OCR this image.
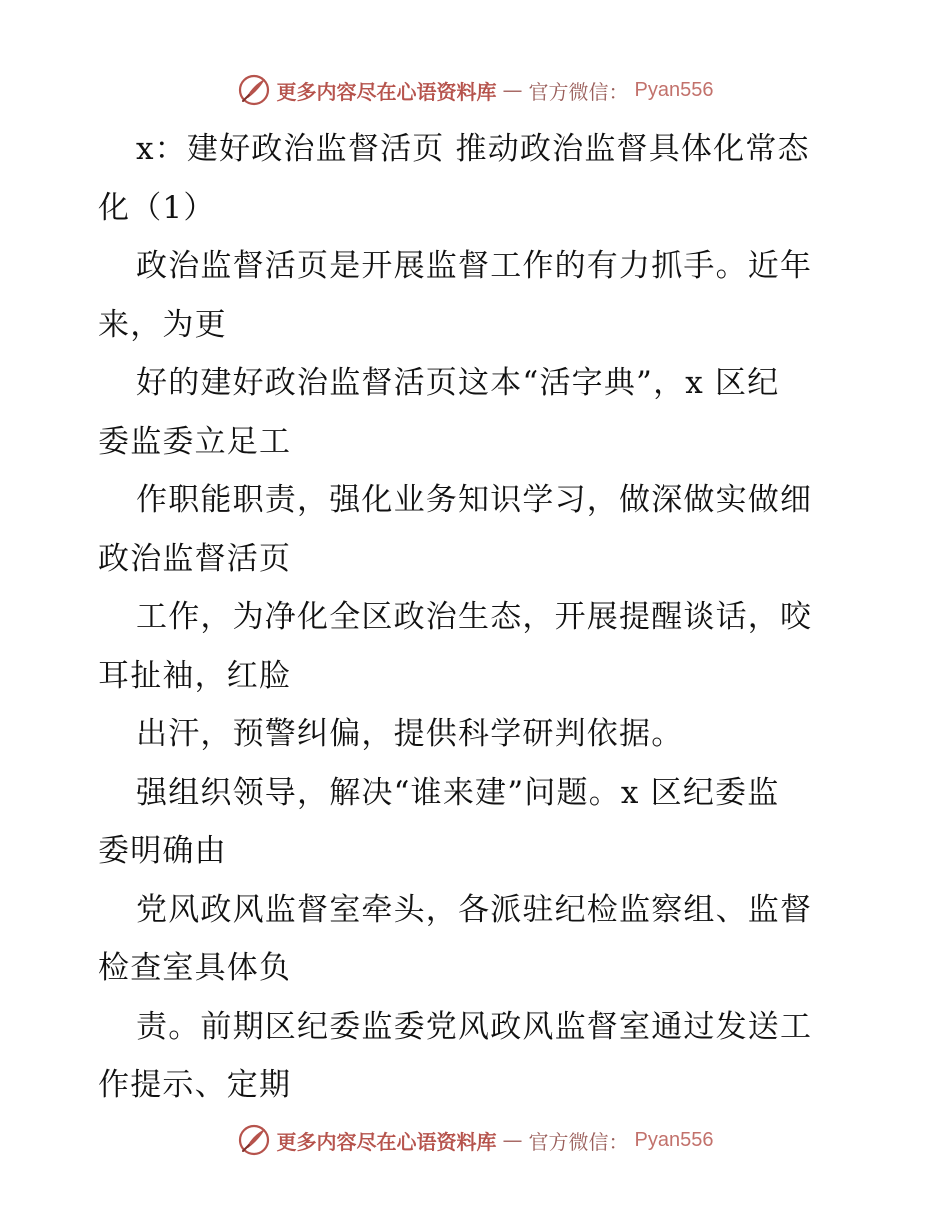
更多内容尽在心语资料库 — 官方微信： Pyan556
x：建好政治监督活页 推动政治监督具体化常态
化（1）
政治监督活页是开展监督工作的有力抓手。近年
来，为更
好的建好政治监督活页这本“活字典”，x 区纪
委监委立足工
作职能职责，强化业务知识学习，做深做实做细
政治监督活页
工作，为净化全区政治生态，开展提醒谈话，咬
耳扯袖，红脸
出汗，预警纠偏，提供科学研判依据。
强组织领导，解决“谁来建”问题。x 区纪委监
委明确由
党风政风监督室牵头，各派驻纪检监察组、监督
检查室具体负
责。前期区纪委监委党风政风监督室通过发送工
作提示、定期
更多内容尽在心语资料库 — 官方微信： Pyan556
